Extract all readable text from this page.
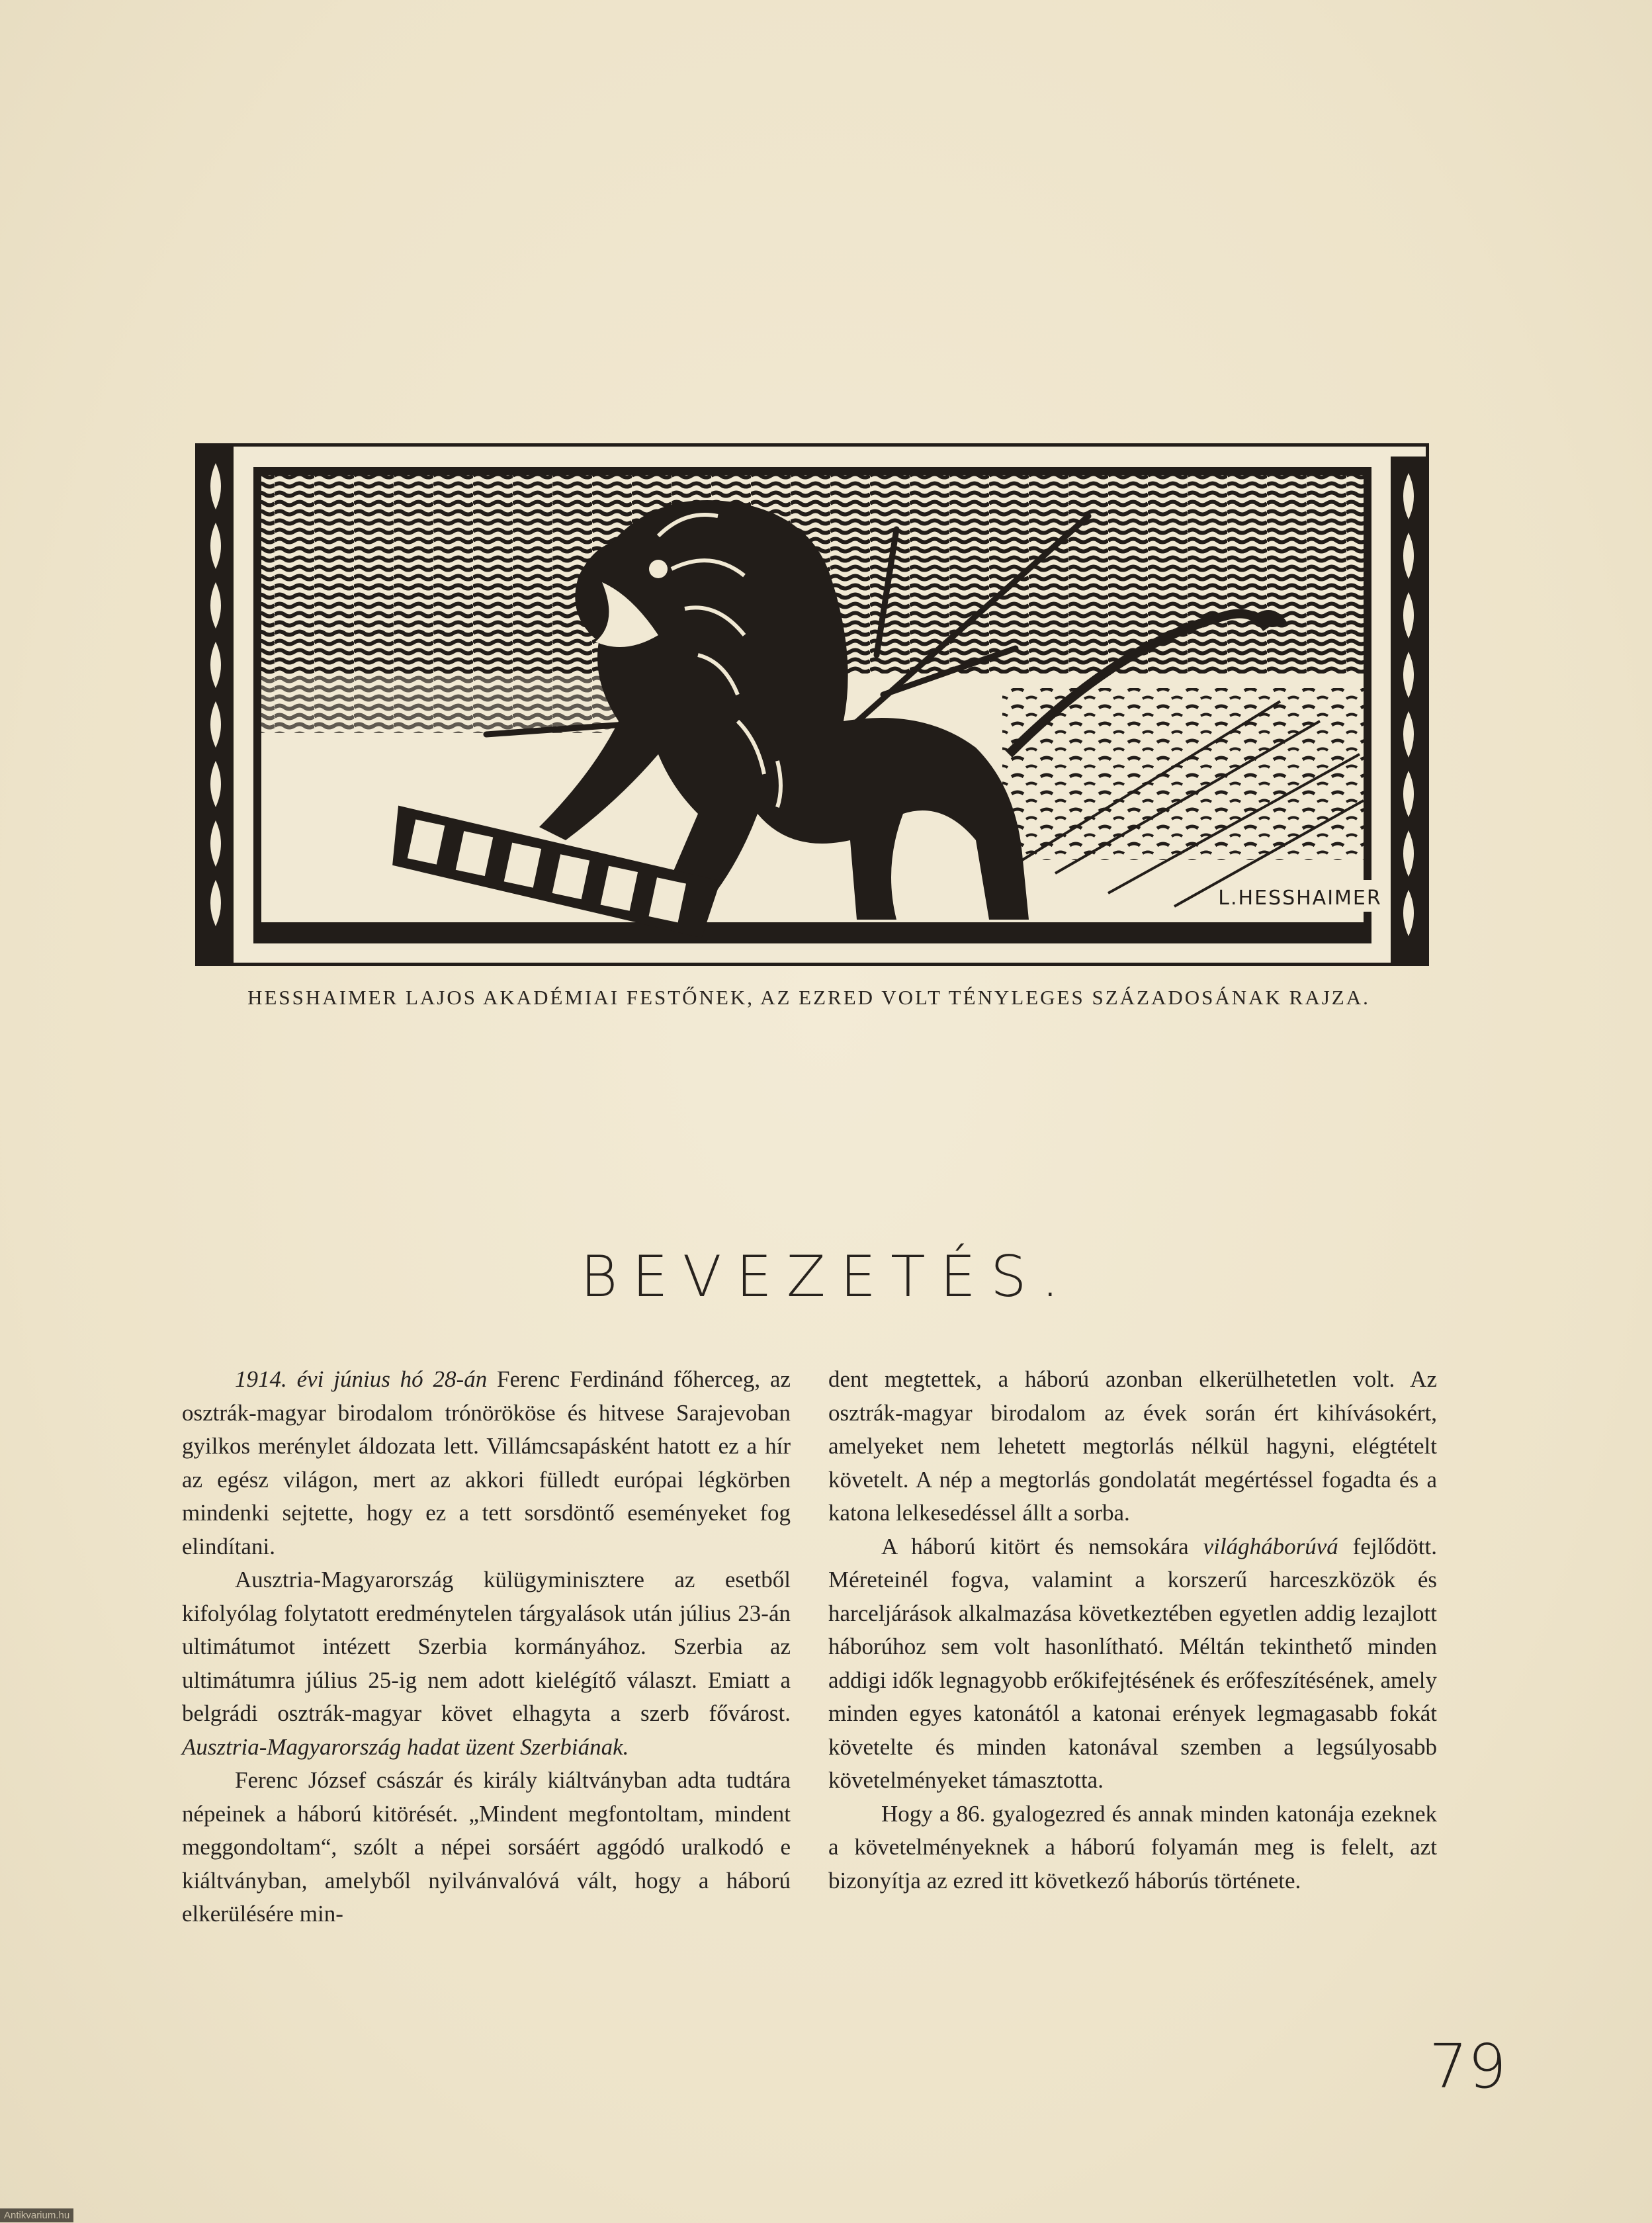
L.HESSHAIMER
HESSHAIMER LAJOS AKADÉMIAI FESTŐNEK, AZ EZRED VOLT TÉNYLEGES SZÁZADOSÁNAK RAJZA.
BEVEZETÉS.

1914. évi június hó 28-án Ferenc Ferdinánd főherceg, az osztrák-magyar birodalom trónörököse és hitvese Sarajevoban gyilkos merénylet áldozata lett. Villámcsapásként hatott ez a hír az egész világon, mert az akkori fülledt európai légkörben mindenki sejtette, hogy ez a tett sorsdöntő eseményeket fog elindítani.

Ausztria-Magyarország külügyminisztere az esetből kifolyólag folytatott eredménytelen tárgyalások után július 23-án ultimátumot intézett Szerbia kormányához. Szerbia az ultimátumra július 25-ig nem adott kielégítő választ. Emiatt a belgrádi osztrák-magyar követ elhagyta a szerb fővárost. Ausztria-Magyarország hadat üzent Szerbiának.

Ferenc József császár és király kiáltványban adta tudtára népeinek a háború kitörését. „Mindent megfontoltam, mindent meggondoltam“, szólt a népei sorsáért aggódó uralkodó e kiáltványban, amelyből nyilvánvalóvá vált, hogy a háború elkerülésére min-

dent megtettek, a háború azonban elkerülhetetlen volt. Az osztrák-magyar birodalom az évek során ért kihívásokért, amelyeket nem lehetett megtorlás nélkül hagyni, elégtételt követelt. A nép a megtorlás gondolatát megértéssel fogadta és a katona lelkesedéssel állt a sorba.

A háború kitört és nemsokára világháborúvá fejlődött. Méreteinél fogva, valamint a korszerű harceszközök és harceljárások alkalmazása következtében egyetlen addig lezajlott háborúhoz sem volt hasonlítható. Méltán tekinthető minden addigi idők legnagyobb erőkifejtésének és erőfeszítésének, amely minden egyes katonától a katonai erények legmagasabb fokát követelte és minden katonával szemben a legsúlyosabb követelményeket támasztotta.

Hogy a 86. gyalogezred és annak minden katonája ezeknek a követelményeknek a háború folyamán meg is felelt, azt bizonyítja az ezred itt következő háborús története.

79
Antikvarium.hu
